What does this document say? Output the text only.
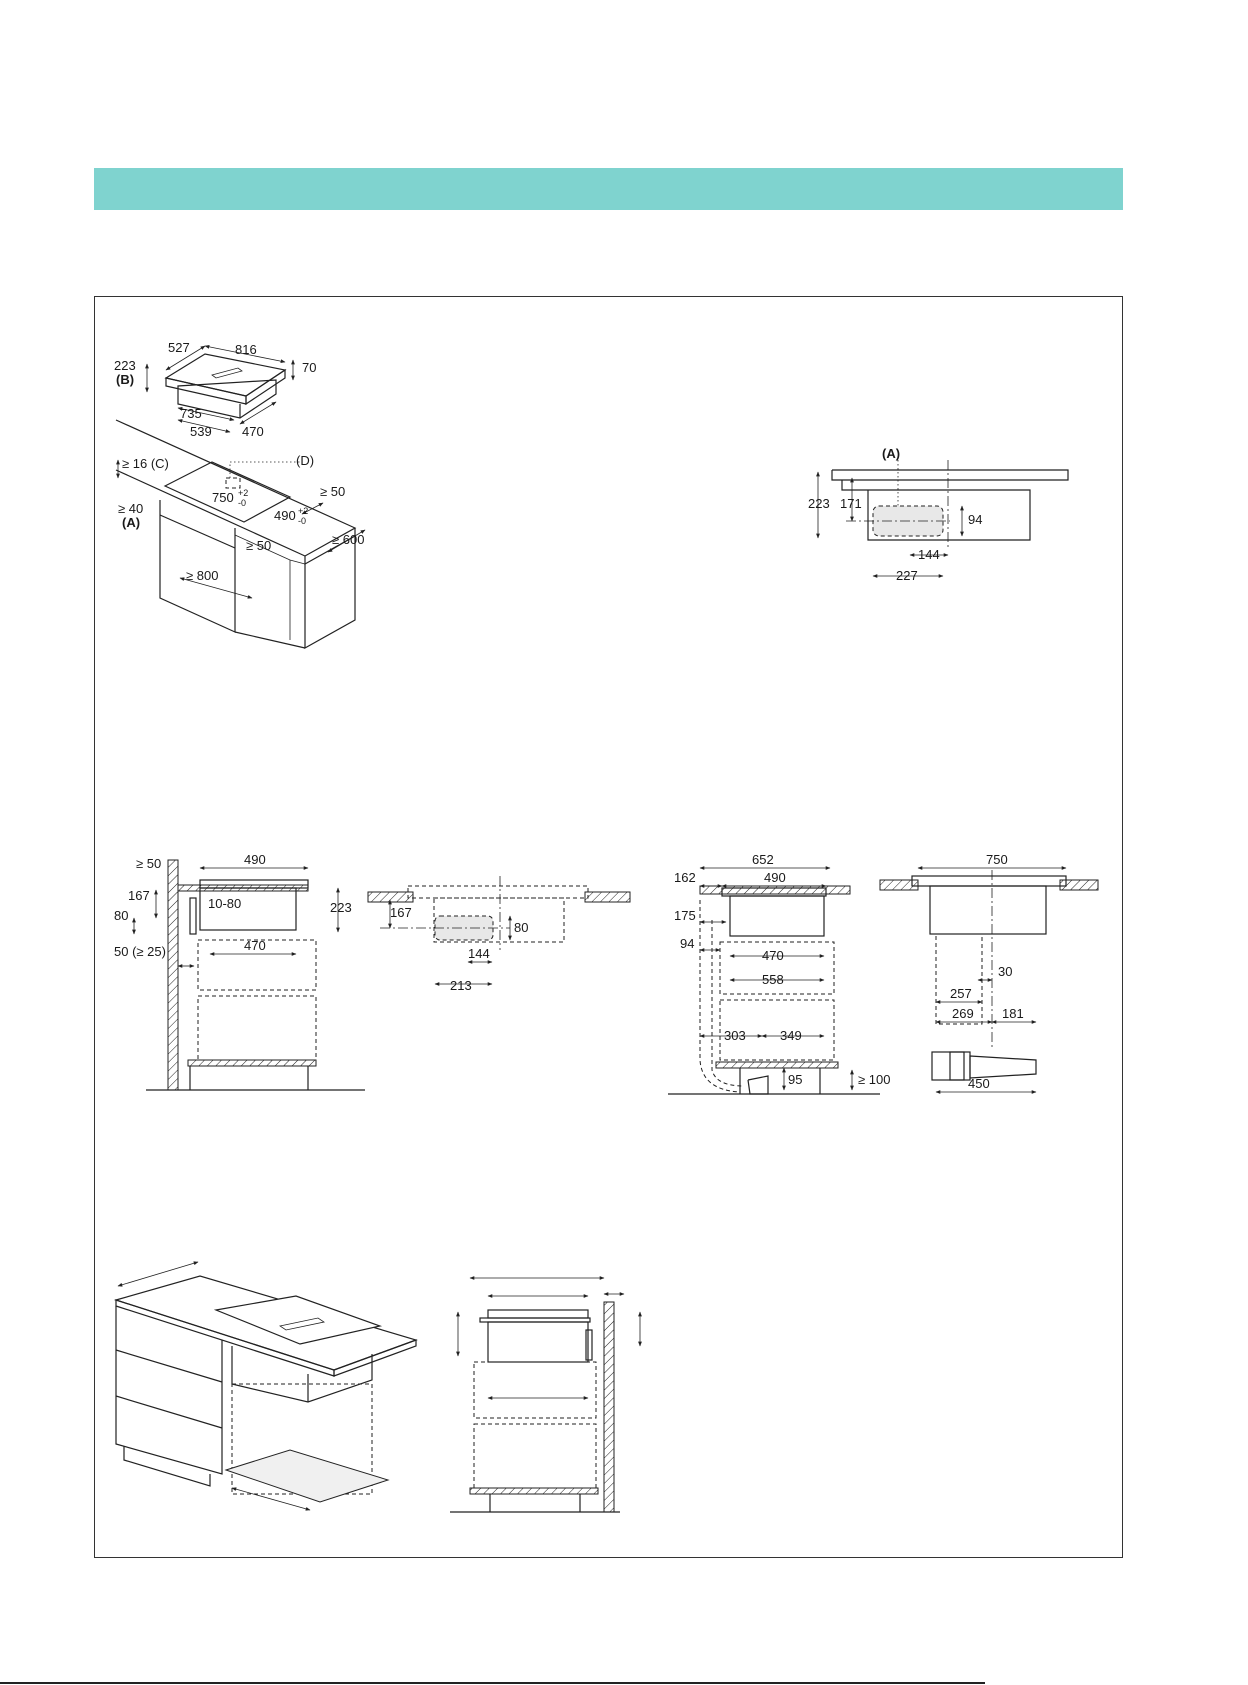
527	816
223
(B)
70
735
539 470
≥ 16 (C)	(D)
750 +2
-0
490 +2
-0
≥ 50
≥ 40
(A)
≥ 50	≥ 600
≥ 800
(A)
223 171
94
144
227
≥ 50	490
167
10-80	223
80
470
50 (≥ 25)
167
80
144
213
652
162	490
175
94
470
558
303	349
95	≥ 100
750
30
257
269 181
450
